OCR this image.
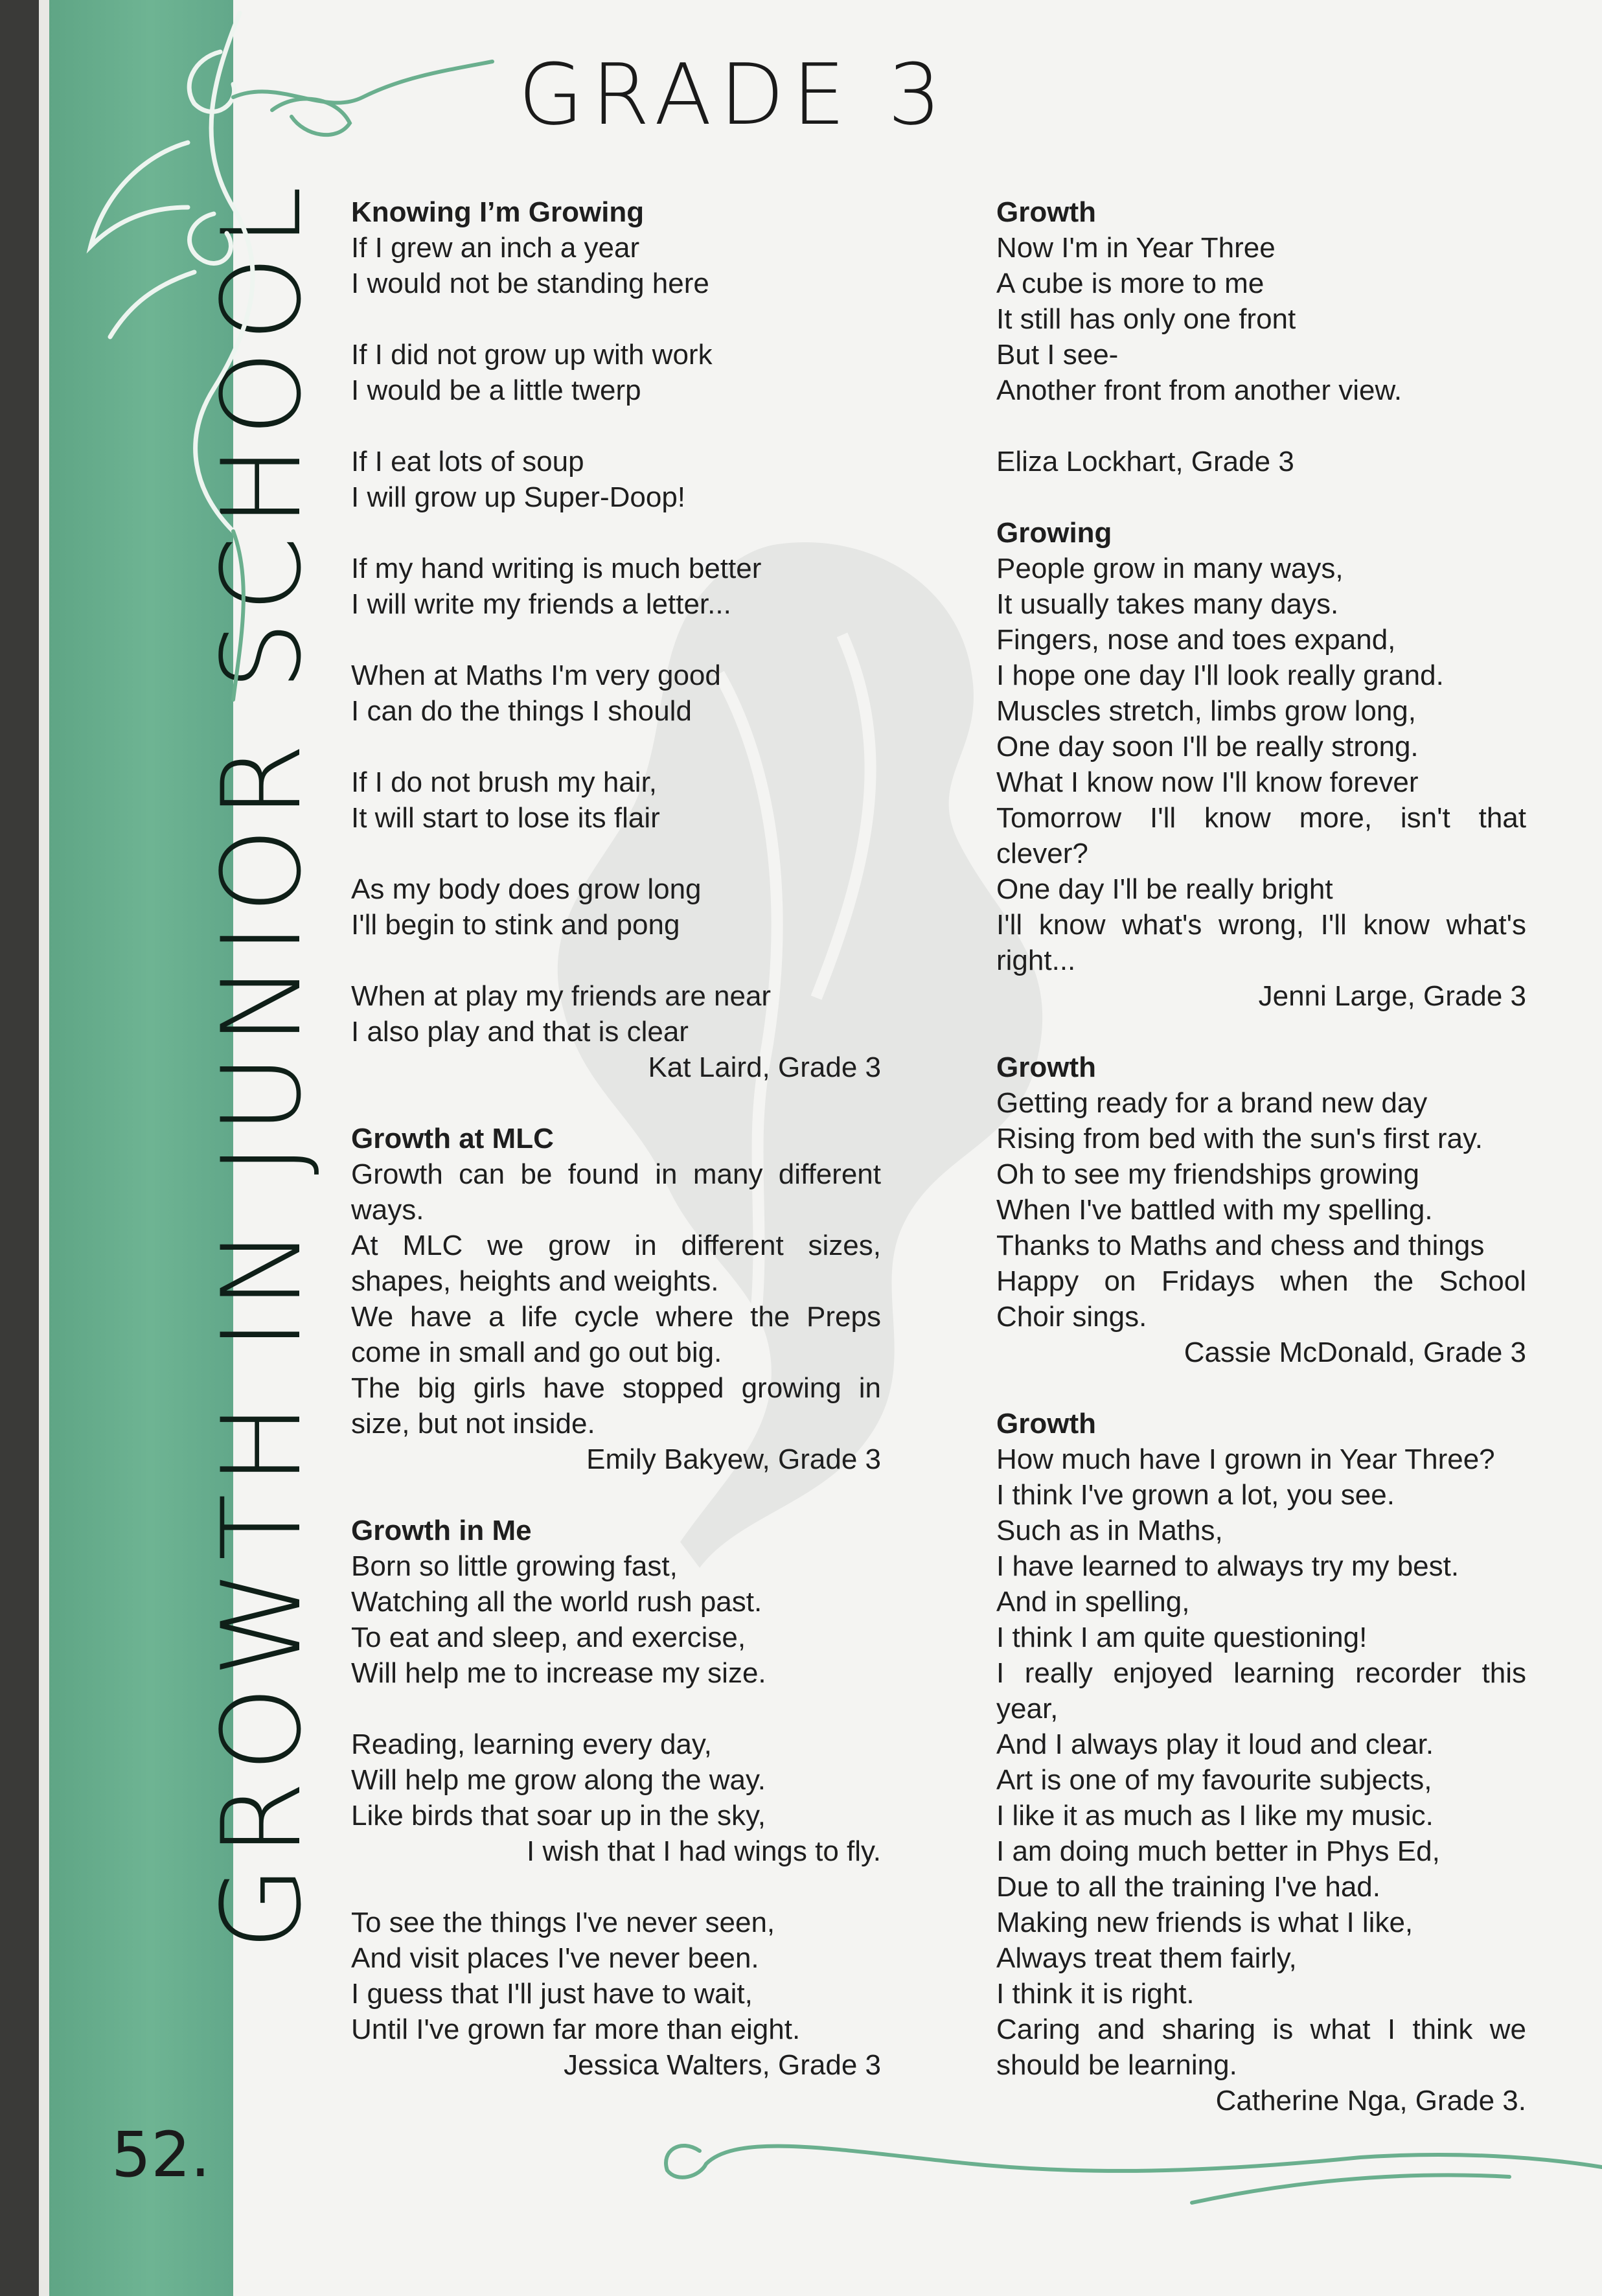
GROWTH IN JUNIOR SCHOOL
52.
GRADE 3
Knowing I’m Growing
If I grew an inch a year
I would not be standing here
If I did not grow up with work
I would be a little twerp
If I eat lots of soup
I will grow up Super-Doop!
If my hand writing is much better
I will write my friends a letter...
When at Maths I'm very good
I can do the things I should
If I do not brush my hair,
It will start to lose its flair
As my body does grow long
I'll begin to stink and pong
When at play my friends are near
I also play and that is clear
Kat Laird, Grade 3
Growth at MLC
Growth can be found in many different
ways.
At MLC we grow in different sizes,
shapes, heights and weights.
We have a life cycle where the Preps
come in small and go out big.
The big girls have stopped growing in
size, but not inside.
Emily Bakyew, Grade 3
Growth in Me
Born so little growing fast,
Watching all the world rush past.
To eat and sleep, and exercise,
Will help me to increase my size.
Reading, learning every day,
Will help me grow along the way.
Like birds that soar up in the sky,
I wish that I had wings to fly.
To see the things I've never seen,
And visit places I've never been.
I guess that I'll just have to wait,
Until I've grown far more than eight.
Jessica Walters, Grade 3
Growth
Now I'm in Year Three
A cube is more to me
It still has only one front
But I see-
Another front from another view.
Eliza Lockhart, Grade 3
Growing
People grow in many ways,
It usually takes many days.
Fingers, nose and toes expand,
I hope one day I'll look really grand.
Muscles stretch, limbs grow long,
One day soon I'll be really strong.
What I know now I'll know forever
Tomorrow I'll know more, isn't that
clever?
One day I'll be really bright
I'll know what's wrong, I'll know what's
right...
Jenni Large, Grade 3
Growth
Getting ready for a brand new day
Rising from bed with the sun's first ray.
Oh to see my friendships growing
When I've battled with my spelling.
Thanks to Maths and chess and things
Happy on Fridays when the School
Choir sings.
Cassie McDonald, Grade 3
Growth
How much have I grown in Year Three?
I think I've grown a lot, you see.
Such as in Maths,
I have learned to always try my best.
And in spelling,
I think I am quite questioning!
I really enjoyed learning recorder this
year,
And I always play it loud and clear.
Art is one of my favourite subjects,
I like it as much as I like my music.
I am doing much better in Phys Ed,
Due to all the training I've had.
Making new friends is what I like,
Always treat them fairly,
I think it is right.
Caring and sharing is what I think we
should be learning.
Catherine Nga, Grade 3.
